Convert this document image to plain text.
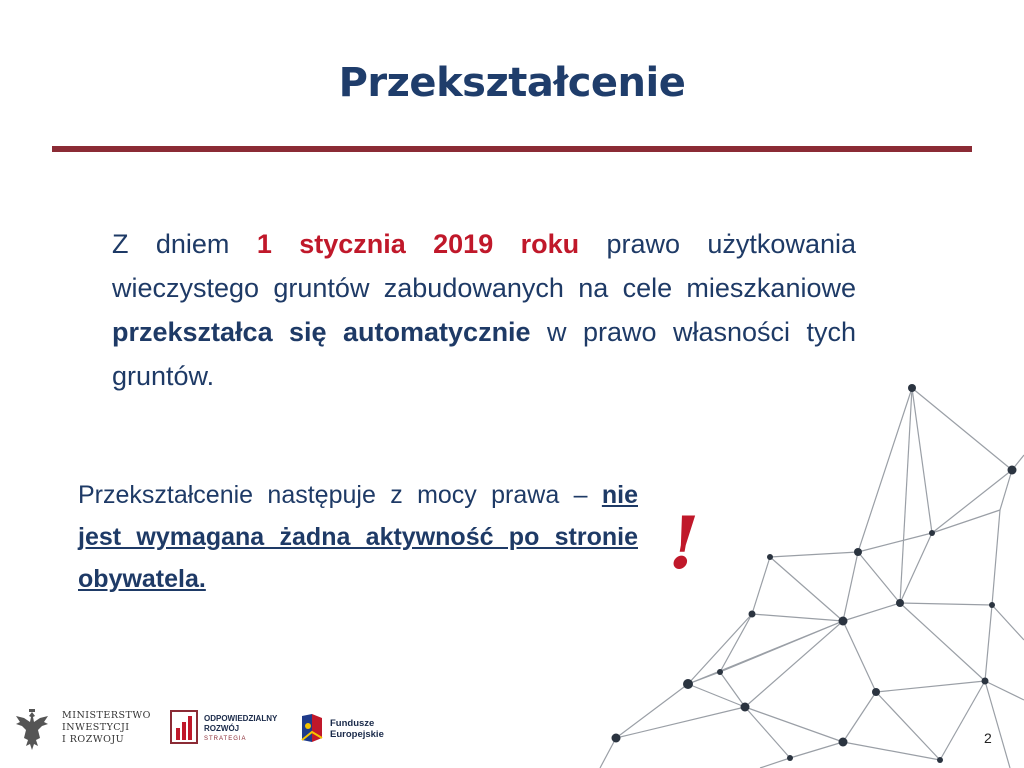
Przekształcenie
Z dniem 1 stycznia 2019 roku prawo użytkowania wieczystego gruntów zabudowanych na cele mieszkaniowe przekształca się automatycznie w prawo własności tych gruntów.
Przekształcenie następuje z mocy prawa – nie jest wymagana żadna aktywność po stronie obywatela.	!
MINISTERSTWO
INWESTYCJI
I ROZWOJU
ODPOWIEDZIALNY
ROZWÓJ
STRATEGIA
Fundusze
Europejskie	2
